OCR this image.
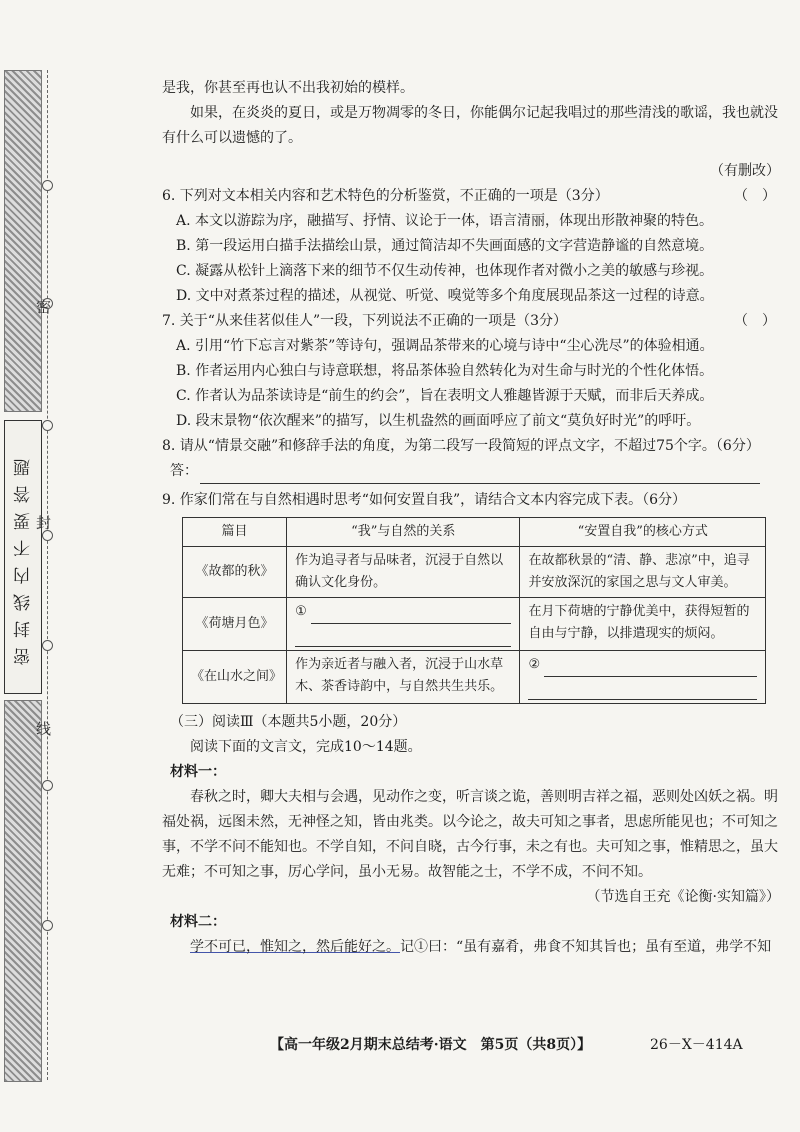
密封线内不要答题
密
封
线

是我，你甚至再也认不出我初始的模样。

如果，在炎炎的夏日，或是万物凋零的冬日，你能偶尔记起我唱过的那些清浅的歌谣，我也就没有什么可以遗憾的了。

（有删改）

6. 下列对文本相关内容和艺术特色的分析鉴赏，不正确的一项是（3分）	（　）

A. 本文以游踪为序，融描写、抒情、议论于一体，语言清丽，体现出形散神聚的特色。

B. 第一段运用白描手法描绘山景，通过简洁却不失画面感的文字营造静谧的自然意境。

C. 凝露从松针上滴落下来的细节不仅生动传神，也体现作者对微小之美的敏感与珍视。

D. 文中对煮茶过程的描述，从视觉、听觉、嗅觉等多个角度展现品茶这一过程的诗意。

7. 关于“从来佳茗似佳人”一段，下列说法不正确的一项是（3分）	（　）

A. 引用“竹下忘言对紫茶”等诗句，强调品茶带来的心境与诗中“尘心洗尽”的体验相通。

B. 作者运用内心独白与诗意联想，将品茶体验自然转化为对生命与时光的个性化体悟。

C. 作者认为品茶读诗是“前生的约会”，旨在表明文人雅趣皆源于天赋，而非后天养成。

D. 段末景物“依次醒来”的描写，以生机盎然的画面呼应了前文“莫负好时光”的呼吁。

8. 请从“情景交融”和修辞手法的角度，为第二段写一段简短的评点文字，不超过75个字。（6分）

答：

9. 作家们常在与自然相遇时思考“如何安置自我”，请结合文本内容完成下表。（6分）

篇目	“我”与自然的关系	“安置自我”的核心方式
《故都的秋》	作为追寻者与品味者，沉浸于自然以确认文化身份。	在故都秋景的“清、静、悲凉”中，追寻并安放深沉的家国之思与文人审美。
《荷塘月色》	①	在月下荷塘的宁静优美中，获得短暂的自由与宁静，以排遣现实的烦闷。
《在山水之间》	作为亲近者与融入者，沉浸于山水草木、茶香诗韵中，与自然共生共乐。	②

（三）阅读Ⅲ（本题共5小题，20分）

阅读下面的文言文，完成10～14题。

材料一：

春秋之时，卿大夫相与会遇，见动作之变，听言谈之诡，善则明吉祥之福，恶则处凶妖之祸。明福处祸，远图未然，无神怪之知，皆由兆类。以今论之，故夫可知之事者，思虑所能见也；不可知之事，不学不问不能知也。不学自知，不问自晓，古今行事，未之有也。夫可知之事，惟精思之，虽大无难；不可知之事，厉心学问，虽小无易。故智能之士，不学不成，不问不知。

（节选自王充《论衡·实知篇》）

材料二：

学不可已，惟知之，然后能好之。记①曰：“虽有嘉肴，弗食不知其旨也；虽有至道，弗学不知

【高一年级2月期末总结考·语文　第5页（共8页）】	26－X－414A
